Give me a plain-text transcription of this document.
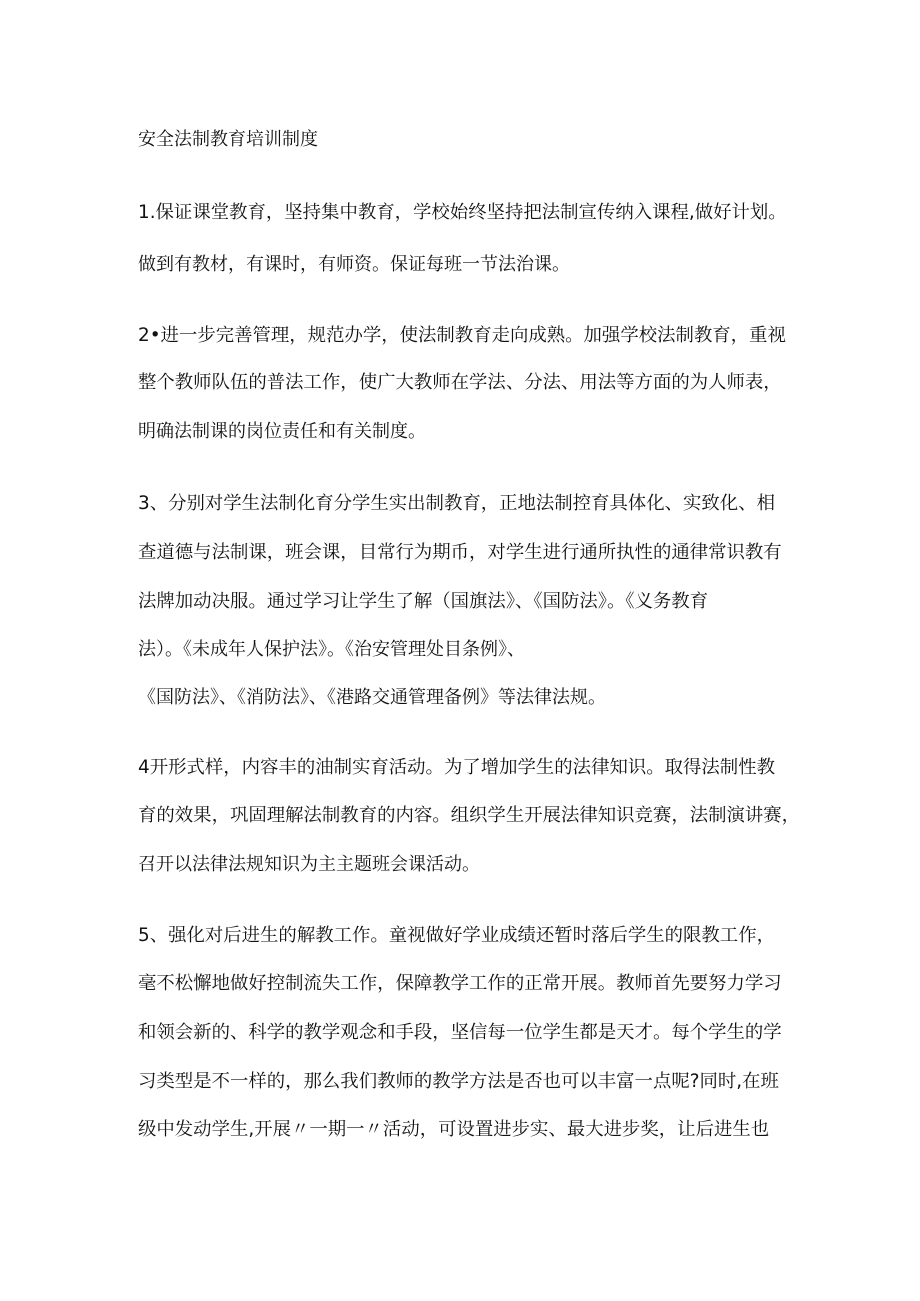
安全法制教育培训制度
1.保证课堂教育，坚持集中教育，学校始终坚持把法制宣传纳入课程,做好计划。
做到有教材，有课时，有师资。保证每班一节法治课。
2•进一步完善管理，规范办学，使法制教育走向成熟。加强学校法制教育，重视
整个教师队伍的普法工作，使广大教师在学法、分法、用法等方面的为人师表，
明确法制课的岗位责任和有关制度。
3、分别对学生法制化育分学生实出制教育，正地法制控育具体化、实致化、相
查道德与法制课，班会课，目常行为期币，对学生进行通所执性的通律常识教有
法牌加动决服。通过学习让学生了解（国旗法》、《国防法》。《义务教育
法）。《未成年人保护法》。《治安管理处目条例》、
《国防法》、《消防法》、《港路交通管理备例》等法律法规。
4开形式样，内容丰的油制实育活动。为了增加学生的法律知识。取得法制性教
育的效果，巩固理解法制教育的内容。组织学生开展法律知识竞赛，法制演讲赛，
召开以法律法规知识为主主题班会课活动。
5、强化对后进生的解教工作。童视做好学业成绩还暂时落后学生的限教工作，
毫不松懈地做好控制流失工作，保障教学工作的正常开展。教师首先要努力学习
和领会新的、科学的教学观念和手段，坚信每一位学生都是天才。每个学生的学
习类型是不一样的，那么我们教师的教学方法是否也可以丰富一点呢?同时,在班
级中发动学生,开展〃一期一〃活动，可设置进步实、最大进步奖，让后进生也
